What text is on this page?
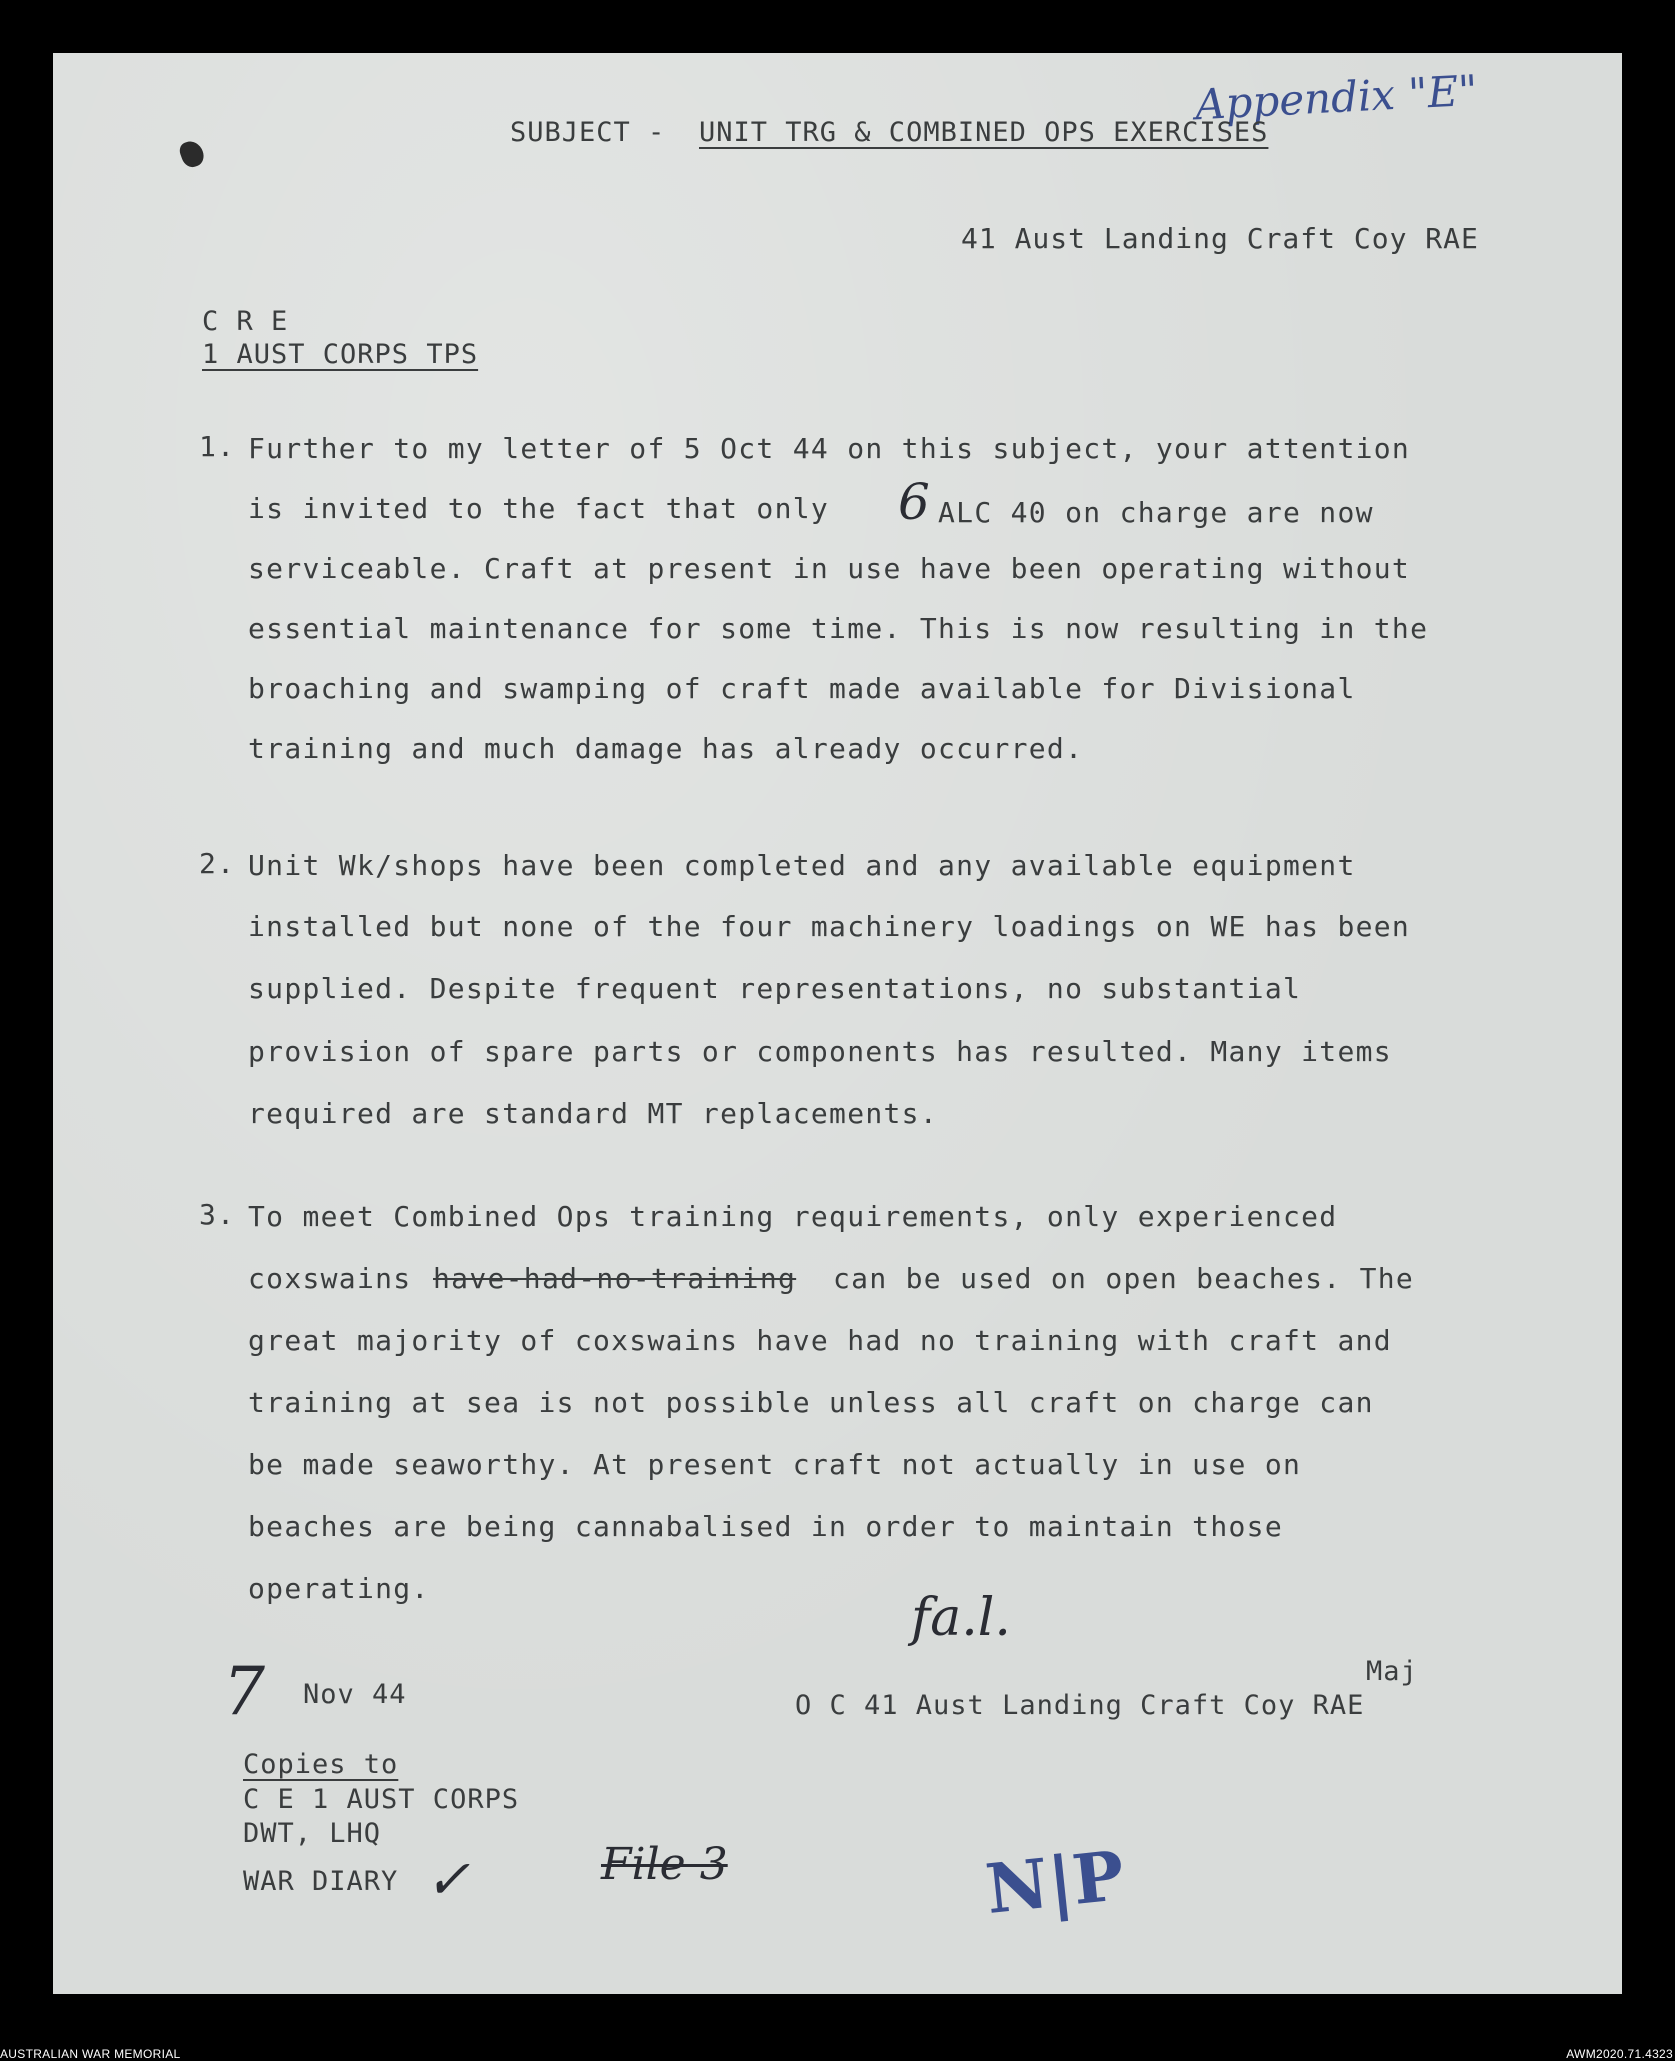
Appendix "E"
SUBJECT - UNIT TRG & COMBINED OPS EXERCISES
41 Aust Landing Craft Coy RAE
C R E
1 AUST CORPS TPS
1. Further to my letter of 5 Oct 44 on this subject, your attention
is invited to the fact that only 6 ALC 40 on charge are now
serviceable. Craft at present in use have been operating without
essential maintenance for some time. This is now resulting in the
broaching and swamping of craft made available for Divisional
training and much damage has already occurred.
2. Unit Wk/shops have been completed and any available equipment
installed but none of the four machinery loadings on WE has been
supplied. Despite frequent representations, no substantial
provision of spare parts or components has resulted. Many items
required are standard MT replacements.
3. To meet Combined Ops training requirements, only experienced
coxswains have-had-no-training can be used on open beaches. The
great majority of coxswains have had no training with craft and
training at sea is not possible unless all craft on charge can
be made seaworthy. At present craft not actually in use on
beaches are being cannabalised in order to maintain those
operating.	fa.l.
Maj
O C 41 Aust Landing Craft Coy RAE
7 Nov 44
Copies to
C E 1 AUST CORPS
DWT, LHQ
WAR DIARY ✓	File 3	N|P
AUSTRALIAN WAR MEMORIAL	AWM2020.71.4323
